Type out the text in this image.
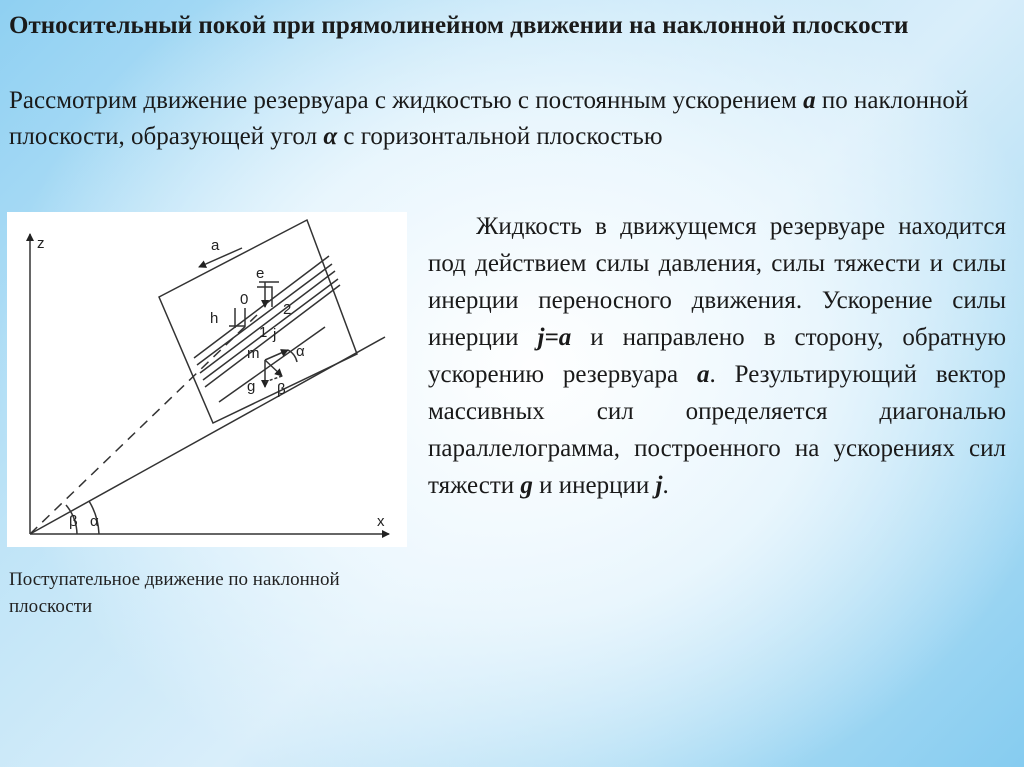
Относительный покой при прямолинейном движении на наклонной плоскости

Рассмотрим движение резервуара с жидкостью с постоянным ускорением a по наклонной плоскости, образующей угол α с горизонтальной плоскостью

z
x
a
e
0
2
h
1 j
m α
g β
β α

Поступательное движение по наклонной плоскости

Жидкость в движущемся резервуаре находится под действием силы давления, силы тяжести и силы инерции переносного движения. Ускорение силы инерции j=a и направлено в сторону, обратную ускорению резервуара a. Результирующий вектор массивных сил определяется диагональю параллелограмма, построенного на ускорениях сил тяжести g и инерции j.
